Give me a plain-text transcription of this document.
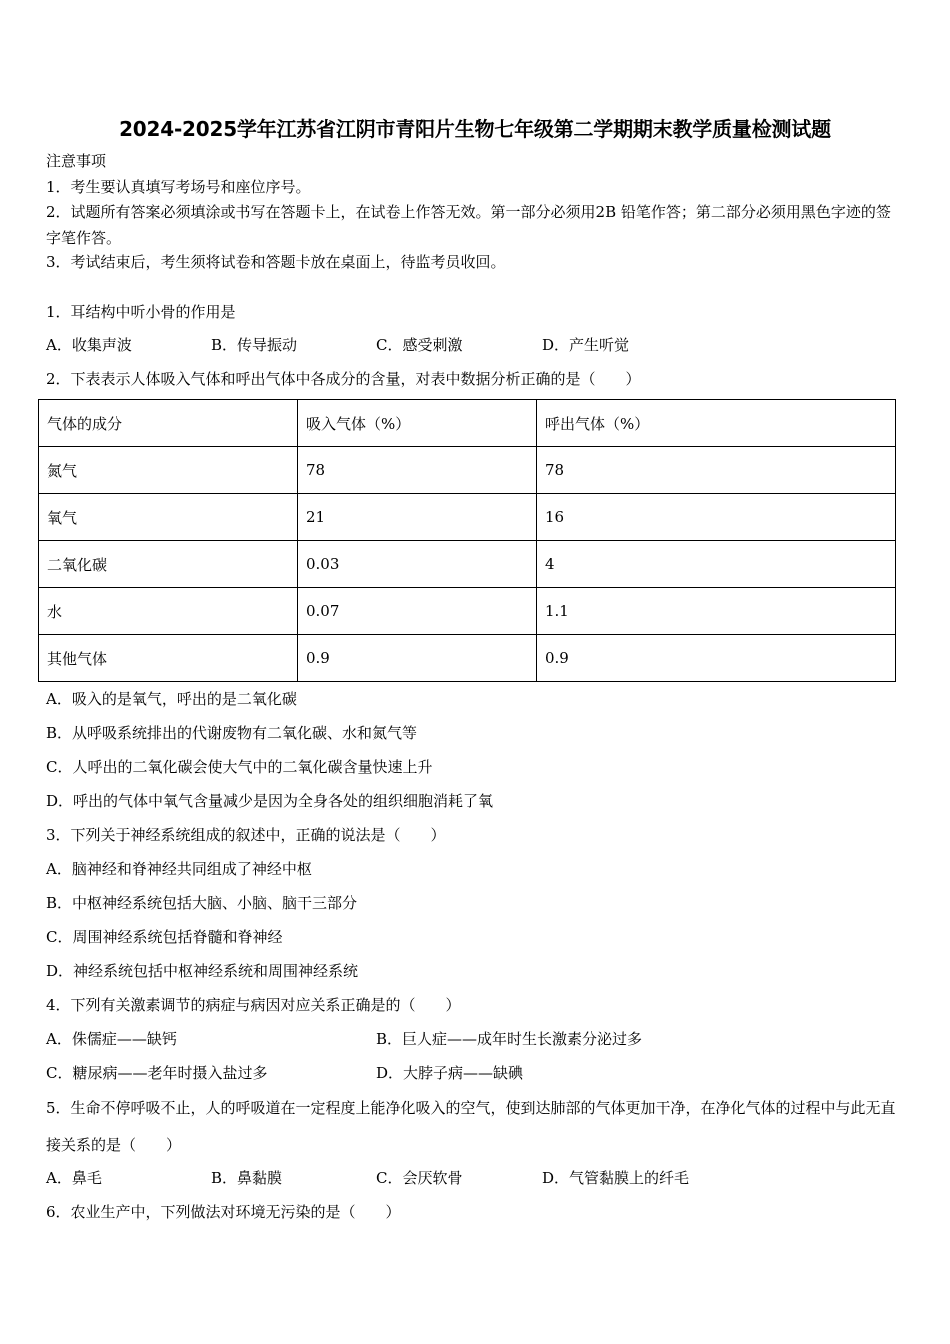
2024-2025学年江苏省江阴市青阳片生物七年级第二学期期末教学质量检测试题
注意事项
1．考生要认真填写考场号和座位序号。
2．试题所有答案必须填涂或书写在答题卡上，在试卷上作答无效。第一部分必须用2B 铅笔作答；第二部分必须用黑色字迹的签字笔作答。
3．考试结束后，考生须将试卷和答题卡放在桌面上，待监考员收回。
1．耳结构中听小骨的作用是
A．收集声波	B．传导振动	C．感受刺激	D．产生听觉
2．下表表示人体吸入气体和呼出气体中各成分的含量，对表中数据分析正确的是（　　）
气体的成分	吸入气体（%）	呼出气体（%）
氮气	78	78
氧气	21	16
二氧化碳	0.03	4
水	0.07	1.1
其他气体	0.9	0.9
A．吸入的是氧气，呼出的是二氧化碳
B．从呼吸系统排出的代谢废物有二氧化碳、水和氮气等
C．人呼出的二氧化碳会使大气中的二氧化碳含量快速上升
D．呼出的气体中氧气含量减少是因为全身各处的组织细胞消耗了氧
3．下列关于神经系统组成的叙述中，正确的说法是（　　）
A．脑神经和脊神经共同组成了神经中枢
B．中枢神经系统包括大脑、小脑、脑干三部分
C．周围神经系统包括脊髓和脊神经
D．神经系统包括中枢神经系统和周围神经系统
4．下列有关激素调节的病症与病因对应关系正确是的（　　）
A．侏儒症——缺钙	B．巨人症——成年时生长激素分泌过多
C．糖尿病——老年时摄入盐过多	D．大脖子病——缺碘
5．生命不停呼吸不止，人的呼吸道在一定程度上能净化吸入的空气，使到达肺部的气体更加干净，在净化气体的过程中与此无直接关系的是（　　）
A．鼻毛	B．鼻黏膜	C．会厌软骨	D．气管黏膜上的纤毛
6．农业生产中，下列做法对环境无污染的是（　　）
